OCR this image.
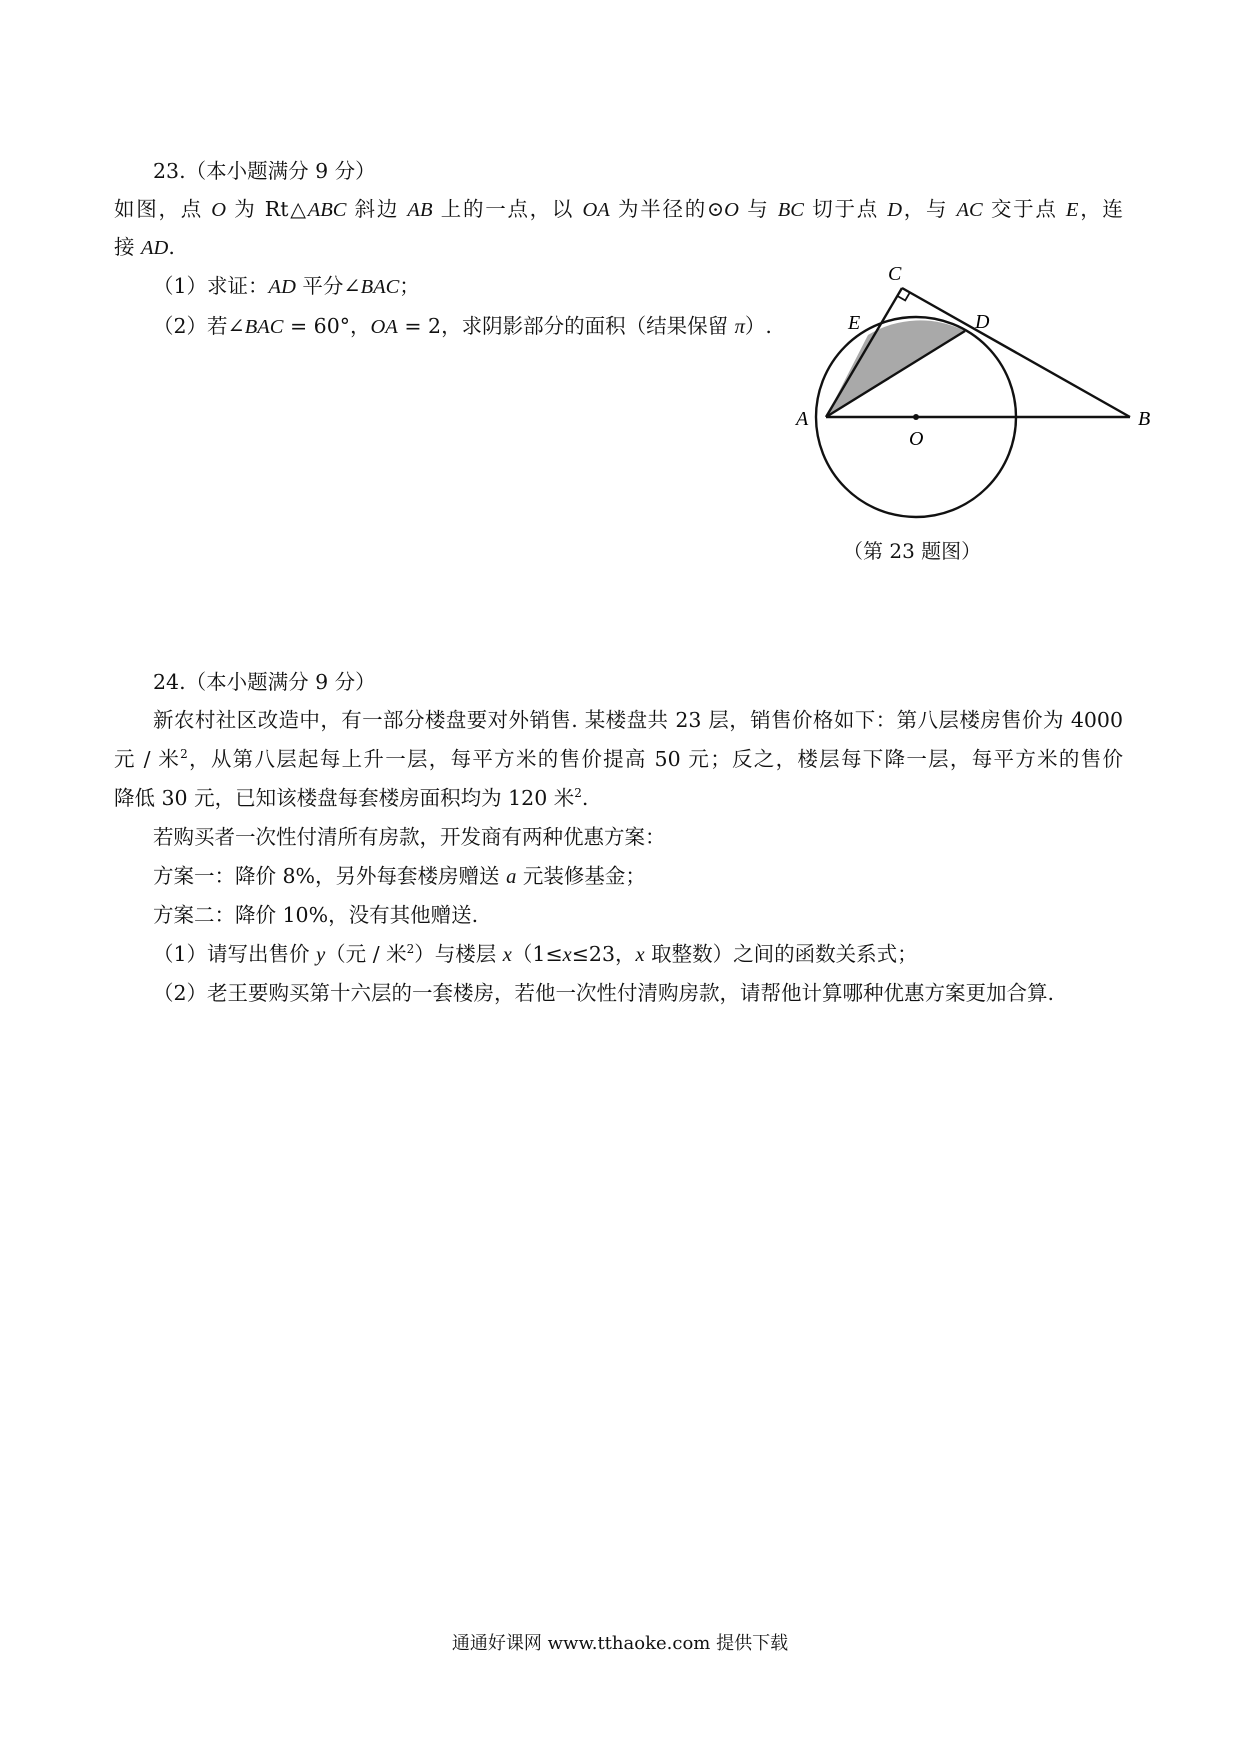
23.（本小题满分 9 分）
如图，点 O 为 Rt△ABC 斜边 AB 上的一点，以 OA 为半径的⊙O 与 BC 切于点 D，与 AC 交于点 E，连
接 AD.
（1）求证：AD 平分∠BAC；
（2）若∠BAC = 60°，OA = 2，求阴影部分的面积（结果保留 π）.
C
E	D
A	B
O
（第 23 题图）
24.（本小题满分 9 分）
新农村社区改造中，有一部分楼盘要对外销售. 某楼盘共 23 层，销售价格如下：第八层楼房售价为 4000
元 / 米$^2$，从第八层起每上升一层，每平方米的售价提高 50 元；反之，楼层每下降一层，每平方米的售价
降低 30 元，已知该楼盘每套楼房面积均为 120 米$^2$.
若购买者一次性付清所有房款，开发商有两种优惠方案：
方案一：降价 8%，另外每套楼房赠送 a 元装修基金；
方案二：降价 10%，没有其他赠送.
（1）请写出售价 y（元 / 米$^2$）与楼层 x（1≤x≤23，x 取整数）之间的函数关系式；
（2）老王要购买第十六层的一套楼房，若他一次性付清购房款，请帮他计算哪种优惠方案更加合算.
通通好课网 www.tthaoke.com 提供下载
